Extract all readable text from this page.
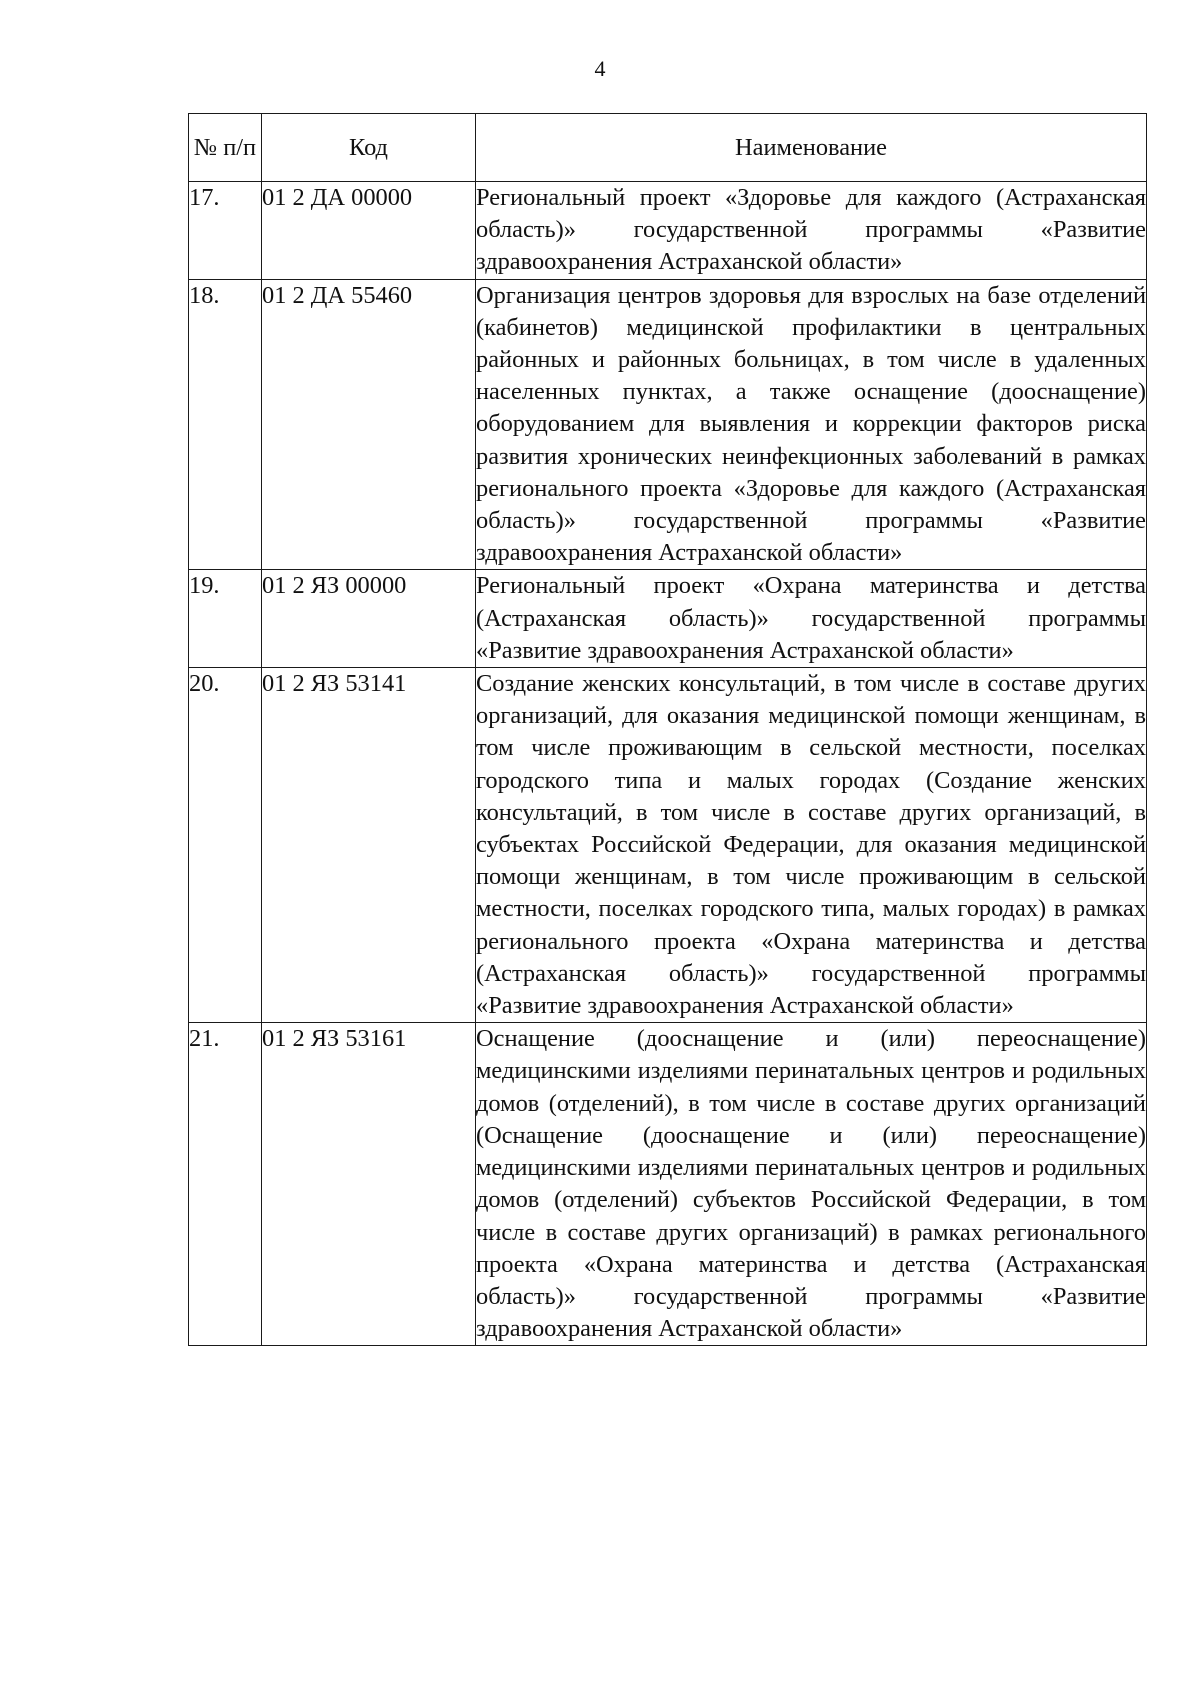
4
№ п/п	Код	Наименование
17.	01 2 ДА 00000	Региональный проект «Здоровье для каждого (Астраханская область)» государственной программы «Развитие здравоохранения Астраханской области»
18.	01 2 ДА 55460	Организация центров здоровья для взрослых на базе отделений (кабинетов) медицинской профилактики в центральных районных и районных больницах, в том числе в удаленных населенных пунктах, а также оснащение (дооснащение) оборудованием для выявления и коррекции факторов риска развития хронических неинфекционных заболеваний в рамках регионального проекта «Здоровье для каждого (Астраханская область)» государственной программы «Развитие здравоохранения Астраханской области»
19.	01 2 ЯЗ 00000	Региональный проект «Охрана материнства и детства (Астраханская область)» государственной программы «Развитие здравоохранения Астраханской области»
20.	01 2 ЯЗ 53141	Создание женских консультаций, в том числе в составе других организаций, для оказания медицинской помощи женщинам, в том числе проживающим в сельской местности, поселках городского типа и малых городах (Создание женских консультаций, в том числе в составе других организаций, в субъектах Российской Федерации, для оказания медицинской помощи женщинам, в том числе проживающим в сельской местности, поселках городского типа, малых городах) в рамках регионального проекта «Охрана материнства и детства (Астраханская область)» государственной программы «Развитие здравоохранения Астраханской области»
21.	01 2 ЯЗ 53161	Оснащение (дооснащение и (или) переоснащение) медицинскими изделиями перинатальных центров и родильных домов (отделений), в том числе в составе других организаций (Оснащение (дооснащение и (или) переоснащение) медицинскими изделиями перинатальных центров и родильных домов (отделений) субъектов Российской Федерации, в том числе в составе других организаций) в рамках регионального проекта «Охрана материнства и детства (Астраханская область)» государственной программы «Развитие здравоохранения Астраханской области»
